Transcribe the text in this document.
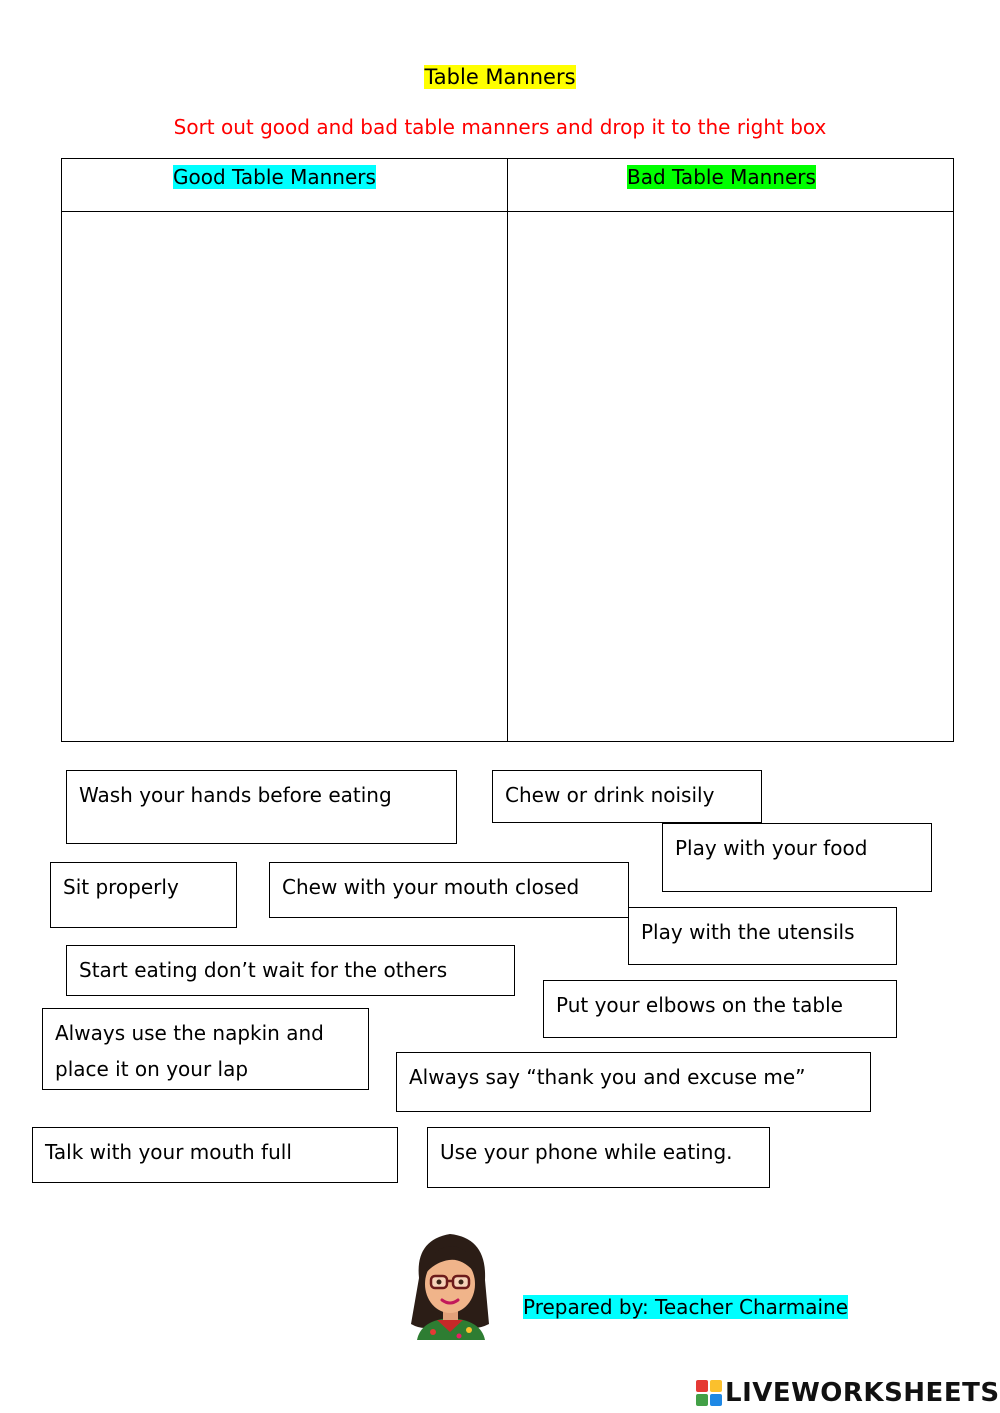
Table Manners
Sort out good and bad table manners and drop it to the right box
Good Table Manners	Bad Table Manners
Wash your hands before eating	Chew or drink noisily
Play with your food
Sit properly	Chew with your mouth closed
Play with the utensils
Start eating don’t wait for the others
Put your elbows on the table
Always use the napkin and place it on your lap	Always say “thank you and excuse me”
Talk with your mouth full	Use your phone while eating.
Prepared by: Teacher Charmaine
LIVEWORKSHEETS
